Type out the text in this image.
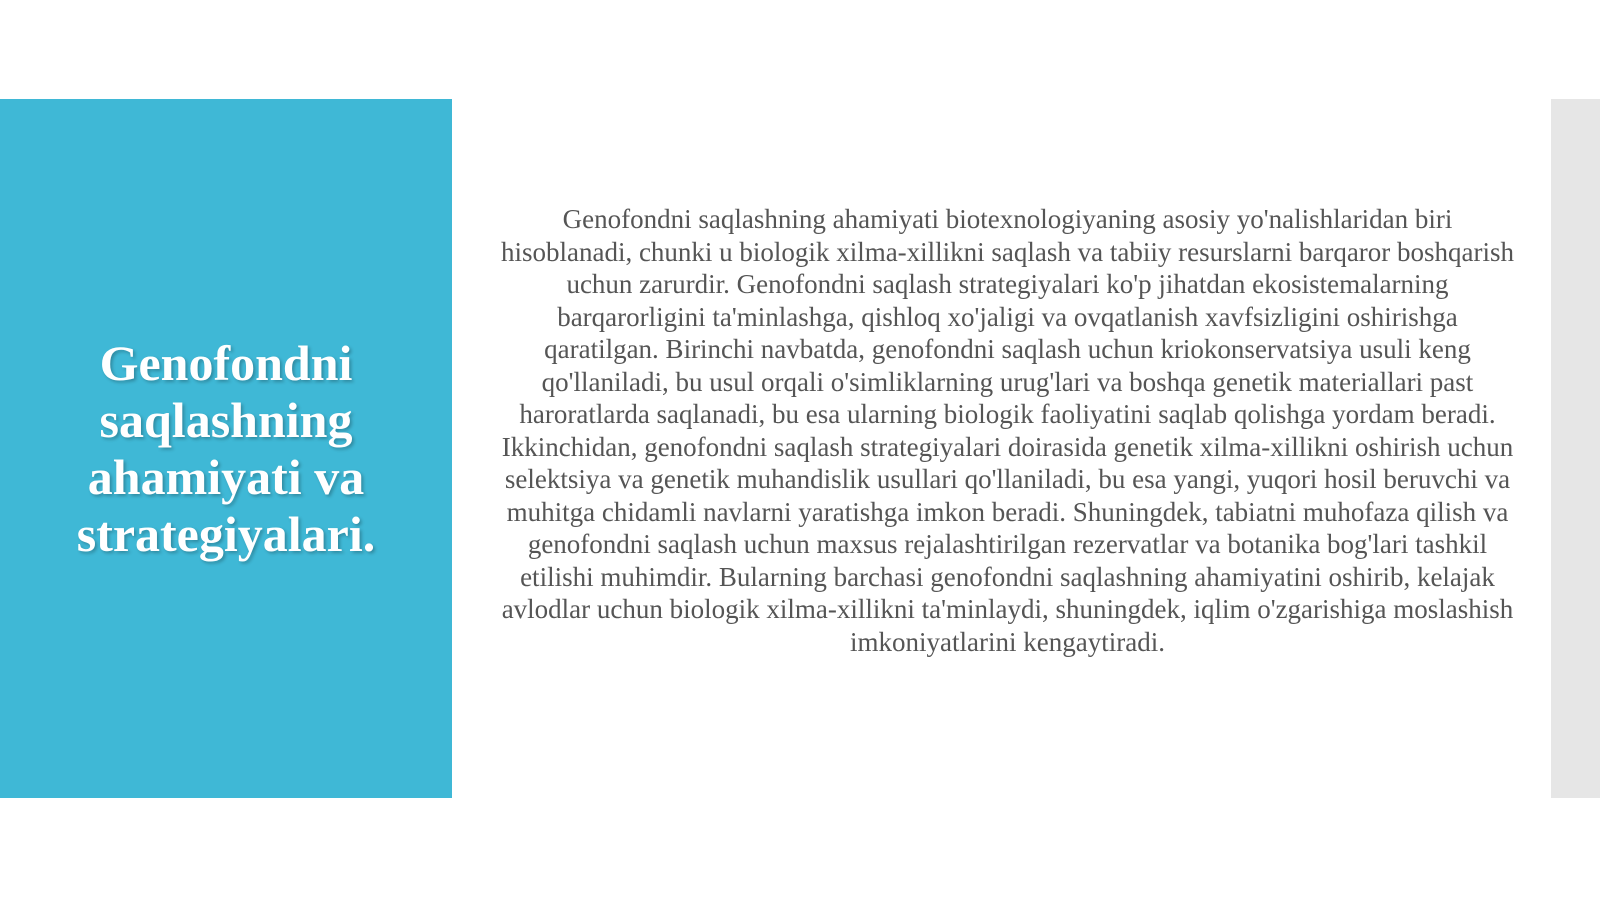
Genofondni saqlashning ahamiyati va strategiyalari.

Genofondni saqlashning ahamiyati biotexnologiyaning asosiy yo'nalishlaridan biri hisoblanadi, chunki u biologik xilma-xillikni saqlash va tabiiy resurslarni barqaror boshqarish uchun zarurdir. Genofondni saqlash strategiyalari ko'p jihatdan ekosistemalarning barqarorligini ta'minlashga, qishloq xo'jaligi va ovqatlanish xavfsizligini oshirishga qaratilgan. Birinchi navbatda, genofondni saqlash uchun kriokonservatsiya usuli keng qo'llaniladi, bu usul orqali o'simliklarning urug'lari va boshqa genetik materiallari past haroratlarda saqlanadi, bu esa ularning biologik faoliyatini saqlab qolishga yordam beradi. Ikkinchidan, genofondni saqlash strategiyalari doirasida genetik xilma-xillikni oshirish uchun selektsiya va genetik muhandislik usullari qo'llaniladi, bu esa yangi, yuqori hosil beruvchi va muhitga chidamli navlarni yaratishga imkon beradi. Shuningdek, tabiatni muhofaza qilish va genofondni saqlash uchun maxsus rejalashtirilgan rezervatlar va botanika bog'lari tashkil etilishi muhimdir. Bularning barchasi genofondni saqlashning ahamiyatini oshirib, kelajak avlodlar uchun biologik xilma-xillikni ta'minlaydi, shuningdek, iqlim o'zgarishiga moslashish imkoniyatlarini kengaytiradi.
